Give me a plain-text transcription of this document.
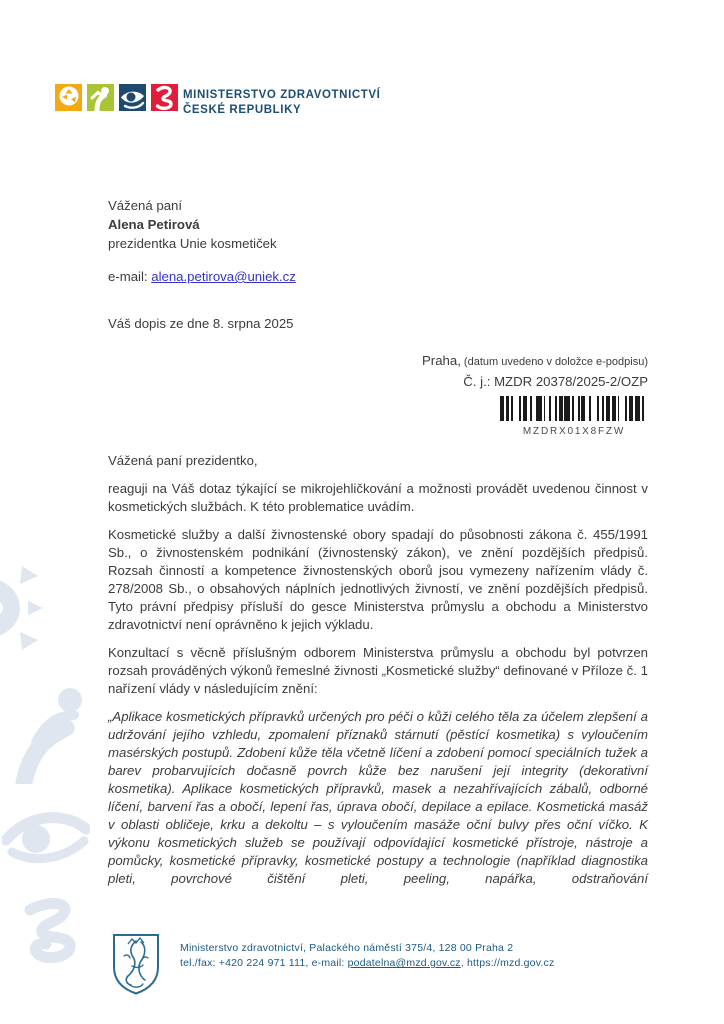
MINISTERSTVO ZDRAVOTNICTVÍ
ČESKÉ REPUBLIKY
Vážená paní
Alena Petirová
prezidentka Unie kosmetiček
e-mail: alena.petirova@uniek.cz
Váš dopis ze dne 8. srpna 2025
Praha, (datum uvedeno v doložce e-podpisu)
Č. j.: MZDR 20378/2025-2/OZP
MZDRX01X8FZW

Vážená paní prezidentko,

reaguji na Váš dotaz týkající se mikrojehličkování a možnosti provádět uvedenou činnost v kosmetických službách. K této problematice uvádím.

Kosmetické služby a další živnostenské obory spadají do působnosti zákona č. 455/1991 Sb., o živnostenském podnikání (živnostenský zákon), ve znění pozdějších předpisů. Rozsah činností a kompetence živnostenských oborů jsou vymezeny nařízením vlády č. 278/2008 Sb., o obsahových náplních jednotlivých živností, ve znění pozdějších předpisů. Tyto právní předpisy přísluší do gesce Ministerstva průmyslu a obchodu a Ministerstvo zdravotnictví není oprávněno k jejich výkladu.

Konzultací s věcně příslušným odborem Ministerstva průmyslu a obchodu byl potvrzen rozsah prováděných výkonů řemeslné živnosti „Kosmetické služby“ definované v Příloze č. 1 nařízení vlády v následujícím znění:

„Aplikace kosmetických přípravků určených pro péči o kůži celého těla za účelem zlepšení a udržování jejího vzhledu, zpomalení příznaků stárnutí (pěstící kosmetika) s vyloučením masérských postupů. Zdobení kůže těla včetně líčení a zdobení pomocí speciálních tužek a barev probarvujících dočasně povrch kůže bez narušení její integrity (dekorativní kosmetika). Aplikace kosmetických přípravků, masek a nezahřívajících zábalů, odborné líčení, barvení řas a obočí, lepení řas, úprava obočí, depilace a epilace. Kosmetická masáž v oblasti obličeje, krku a dekoltu – s vyloučením masáže oční bulvy přes oční víčko. K výkonu kosmetických služeb se používají odpovídající kosmetické přístroje, nástroje a pomůcky, kosmetické přípravky, kosmetické postupy a technologie (například diagnostika pleti, povrchové čištění pleti, peeling, napářka, odstraňování

Ministerstvo zdravotnictví, Palackého náměstí 375/4, 128 00 Praha 2
tel./fax: +420 224 971 111, e-mail: podatelna@mzd.gov.cz, https://mzd.gov.cz
